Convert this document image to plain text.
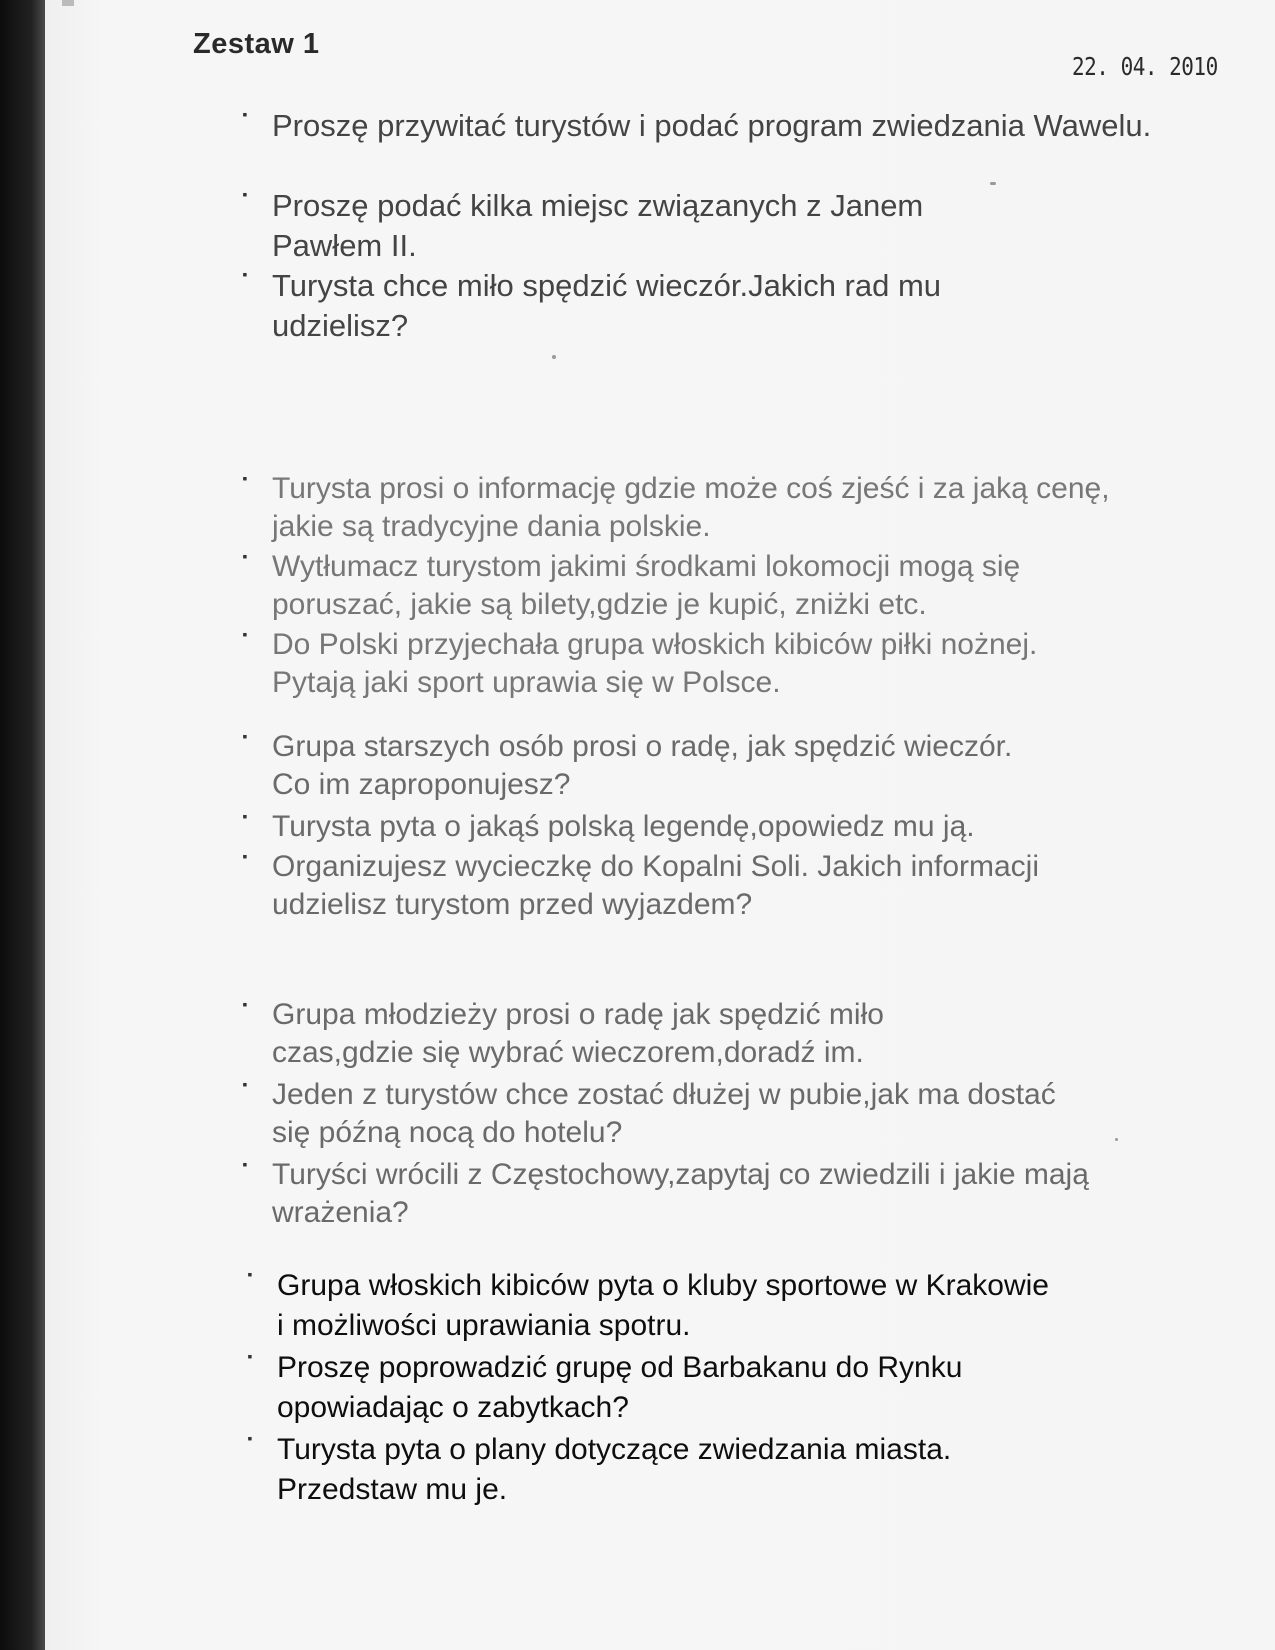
Zestaw 1
22. 04. 2010
▪ Proszę przywitać turystów i podać program zwiedzania Wawelu.
▪ Proszę podać kilka miejsc związanych z Janem Pawłem II.
▪ Turysta chce miło spędzić wieczór.Jakich rad mu udzielisz?
▪ Turysta prosi o informację gdzie może coś zjeść i za jaką cenę, jakie są tradycyjne dania polskie.
▪ Wytłumacz turystom jakimi środkami lokomocji mogą się poruszać, jakie są bilety,gdzie je kupić, zniżki etc.
▪ Do Polski przyjechała grupa włoskich kibiców piłki nożnej. Pytają jaki sport uprawia się w Polsce.
▪ Grupa starszych osób prosi o radę, jak spędzić wieczór. Co im zaproponujesz?
▪ Turysta pyta o jakąś polską legendę,opowiedz mu ją.
▪ Organizujesz wycieczkę do Kopalni Soli. Jakich informacji udzielisz turystom przed wyjazdem?
▪ Grupa młodzieży prosi o radę jak spędzić miło czas,gdzie się wybrać wieczorem,doradź im.
▪ Jeden z turystów chce zostać dłużej w pubie,jak ma dostać się późną nocą do hotelu?
▪ Turyści wrócili z Częstochowy,zapytaj co zwiedzili i jakie mają wrażenia?
▪ Grupa włoskich kibiców pyta o kluby sportowe w Krakowie i możliwości uprawiania spotru.
▪ Proszę poprowadzić grupę od Barbakanu do Rynku opowiadając o zabytkach?
▪ Turysta pyta o plany dotyczące zwiedzania miasta. Przedstaw mu je.
